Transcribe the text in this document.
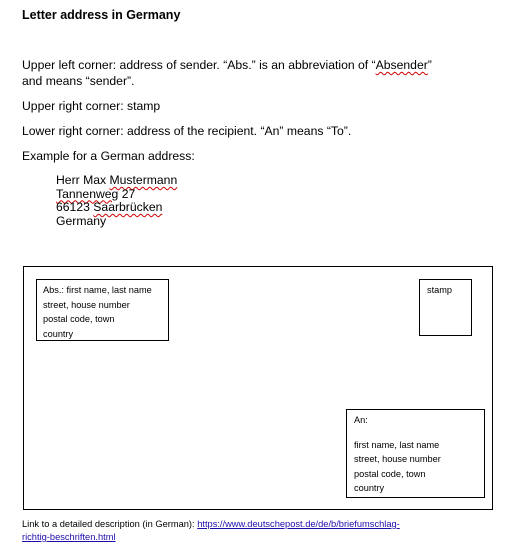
Letter address in Germany
Upper left corner: address of sender. “Abs.” is an abbreviation of “Absender”
and means “sender”.
Upper right corner: stamp
Lower right corner: address of the recipient. “An” means “To”.
Example for a German address:
Herr Max Mustermann
Tannenweg 27
66123 Saarbrücken
Germany
Abs.: first name, last name
street, house number
postal code, town
country
stamp
An:
first name, last name
street, house number
postal code, town
country
Link to a detailed description (in German): https://www.deutschepost.de/de/b/briefumschlag-
richtig-beschriften.html
